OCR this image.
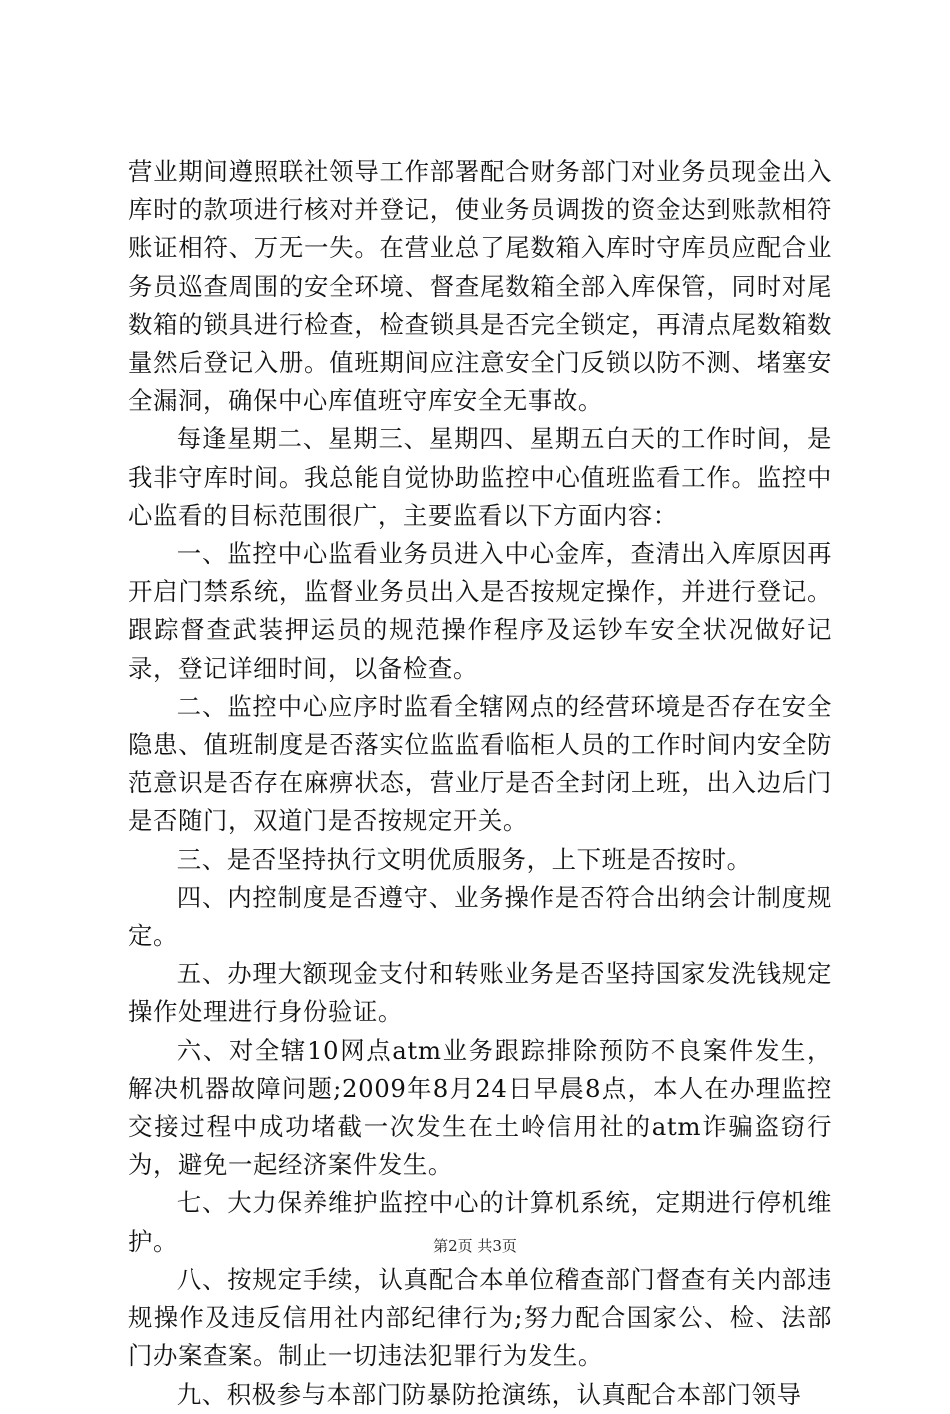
营业期间遵照联社领导工作部署配合财务部门对业务员现金出入库时的款项进行核对并登记，使业务员调拨的资金达到账款相符账证相符、万无一失。在营业总了尾数箱入库时守库员应配合业务员巡查周围的安全环境、督查尾数箱全部入库保管，同时对尾数箱的锁具进行检查，检查锁具是否完全锁定，再清点尾数箱数量然后登记入册。值班期间应注意安全门反锁以防不测、堵塞安全漏洞，确保中心库值班守库安全无事故。

每逢星期二、星期三、星期四、星期五白天的工作时间，是我非守库时间。我总能自觉协助监控中心值班监看工作。监控中心监看的目标范围很广，主要监看以下方面内容：

一、监控中心监看业务员进入中心金库，查清出入库原因再开启门禁系统，监督业务员出入是否按规定操作，并进行登记。跟踪督查武装押运员的规范操作程序及运钞车安全状况做好记录，登记详细时间，以备检查。

二、监控中心应序时监看全辖网点的经营环境是否存在安全隐患、值班制度是否落实位监监看临柜人员的工作时间内安全防范意识是否存在麻痹状态，营业厅是否全封闭上班，出入边后门是否随门，双道门是否按规定开关。

三、是否坚持执行文明优质服务，上下班是否按时。

四、内控制度是否遵守、业务操作是否符合出纳会计制度规定。

五、办理大额现金支付和转账业务是否坚持国家发洗钱规定操作处理进行身份验证。

六、对全辖10网点atm业务跟踪排除预防不良案件发生，解决机器故障问题;2009年8月24日早晨8点，本人在办理监控交接过程中成功堵截一次发生在土岭信用社的atm诈骗盗窃行为，避免一起经济案件发生。

七、大力保养维护监控中心的计算机系统，定期进行停机维护。

八、按规定手续，认真配合本单位稽查部门督查有关内部违规操作及违反信用社内部纪律行为;努力配合国家公、检、法部门办案查案。制止一切违法犯罪行为发生。

九、积极参与本部门防暴防抢演练，认真配合本部门领导

第2页 共3页
